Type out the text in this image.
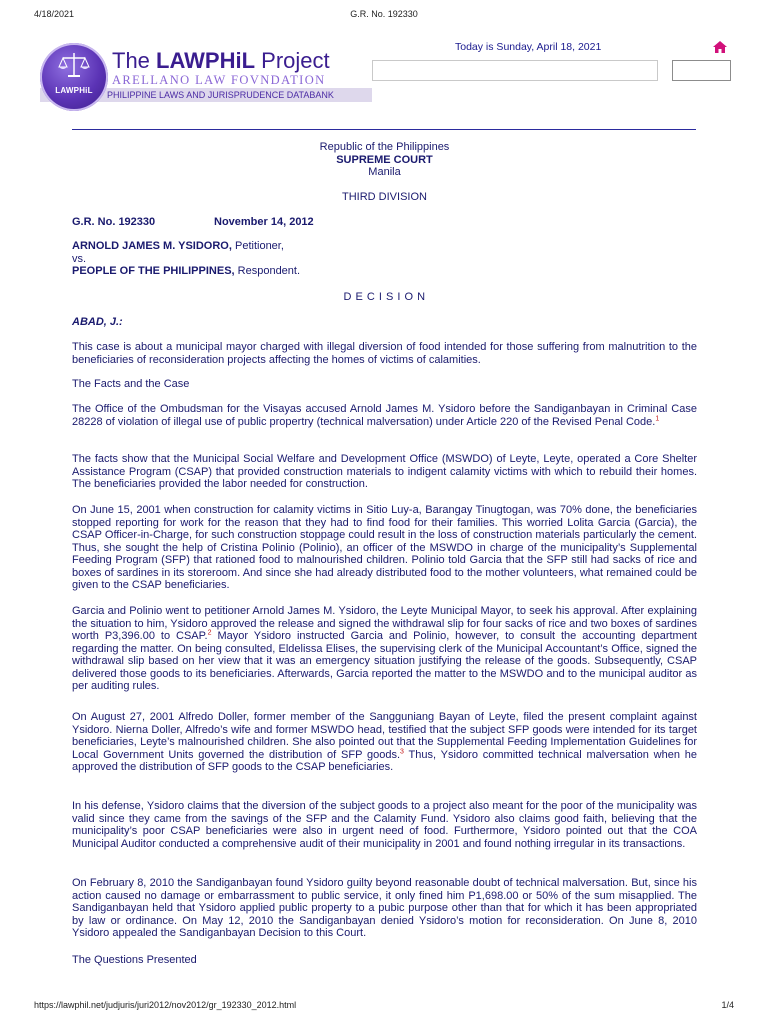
4/18/2021	G.R. No. 192330
https://lawphil.net/judjuris/juri2012/nov2012/gr_192330_2012.html	1/4
LAWPHiL
The LAWPHiL Project
ARELLANO LAW FOVNDATION
PHILIPPINE LAWS AND JURISPRUDENCE DATABANK
Today is Sunday, April 18, 2021
Republic of the Philippines
SUPREME COURT
Manila
THIRD DIVISION
G.R. No. 192330	November 14, 2012
ARNOLD JAMES M. YSIDORO, Petitioner,
vs.
PEOPLE OF THE PHILIPPINES, Respondent.
D E C I S I O N
ABAD, J.:
This case is about a municipal mayor charged with illegal diversion of food intended for those suffering from malnutrition to the beneficiaries of reconsideration projects affecting the homes of victims of calamities.
The Facts and the Case
The Office of the Ombudsman for the Visayas accused Arnold James M. Ysidoro before the Sandiganbayan in Criminal Case 28228 of violation of illegal use of public propertry (technical malversation) under Article 220 of the Revised Penal Code.$^1$
The facts show that the Municipal Social Welfare and Development Office (MSWDO) of Leyte, Leyte, operated a Core Shelter Assistance Program (CSAP) that provided construction materials to indigent calamity victims with which to rebuild their homes. The beneficiaries provided the labor needed for construction.
On June 15, 2001 when construction for calamity victims in Sitio Luy-a, Barangay Tinugtogan, was 70% done, the beneficiaries stopped reporting for work for the reason that they had to find food for their families. This worried Lolita Garcia (Garcia), the CSAP Officer-in-Charge, for such construction stoppage could result in the loss of construction materials particularly the cement. Thus, she sought the help of Cristina Polinio (Polinio), an officer of the MSWDO in charge of the municipality’s Supplemental Feeding Program (SFP) that rationed food to malnourished children. Polinio told Garcia that the SFP still had sacks of rice and boxes of sardines in its storeroom. And since she had already distributed food to the mother volunteers, what remained could be given to the CSAP beneficiaries.
Garcia and Polinio went to petitioner Arnold James M. Ysidoro, the Leyte Municipal Mayor, to seek his approval. After explaining the situation to him, Ysidoro approved the release and signed the withdrawal slip for four sacks of rice and two boxes of sardines worth P3,396.00 to CSAP.$^2$ Mayor Ysidoro instructed Garcia and Polinio, however, to consult the accounting department regarding the matter. On being consulted, Eldelissa Elises, the supervising clerk of the Municipal Accountant’s Office, signed the withdrawal slip based on her view that it was an emergency situation justifying the release of the goods. Subsequently, CSAP delivered those goods to its beneficiaries. Afterwards, Garcia reported the matter to the MSWDO and to the municipal auditor as per auditing rules.
On August 27, 2001 Alfredo Doller, former member of the Sangguniang Bayan of Leyte, filed the present complaint against Ysidoro. Nierna Doller, Alfredo’s wife and former MSWDO head, testified that the subject SFP goods were intended for its target beneficiaries, Leyte’s malnourished children. She also pointed out that the Supplemental Feeding Implementation Guidelines for Local Government Units governed the distribution of SFP goods.$^3$ Thus, Ysidoro committed technical malversation when he approved the distribution of SFP goods to the CSAP beneficiaries.
In his defense, Ysidoro claims that the diversion of the subject goods to a project also meant for the poor of the municipality was valid since they came from the savings of the SFP and the Calamity Fund. Ysidoro also claims good faith, believing that the municipality’s poor CSAP beneficiaries were also in urgent need of food. Furthermore, Ysidoro pointed out that the COA Municipal Auditor conducted a comprehensive audit of their municipality in 2001 and found nothing irregular in its transactions.
On February 8, 2010 the Sandiganbayan found Ysidoro guilty beyond reasonable doubt of technical malversation. But, since his action caused no damage or embarrassment to public service, it only fined him P1,698.00 or 50% of the sum misapplied. The Sandiganbayan held that Ysidoro applied public property to a pubic purpose other than that for which it has been appropriated by law or ordinance. On May 12, 2010 the Sandiganbayan denied Ysidoro’s motion for reconsideration. On June 8, 2010 Ysidoro appealed the Sandiganbayan Decision to this Court.
The Questions Presented
